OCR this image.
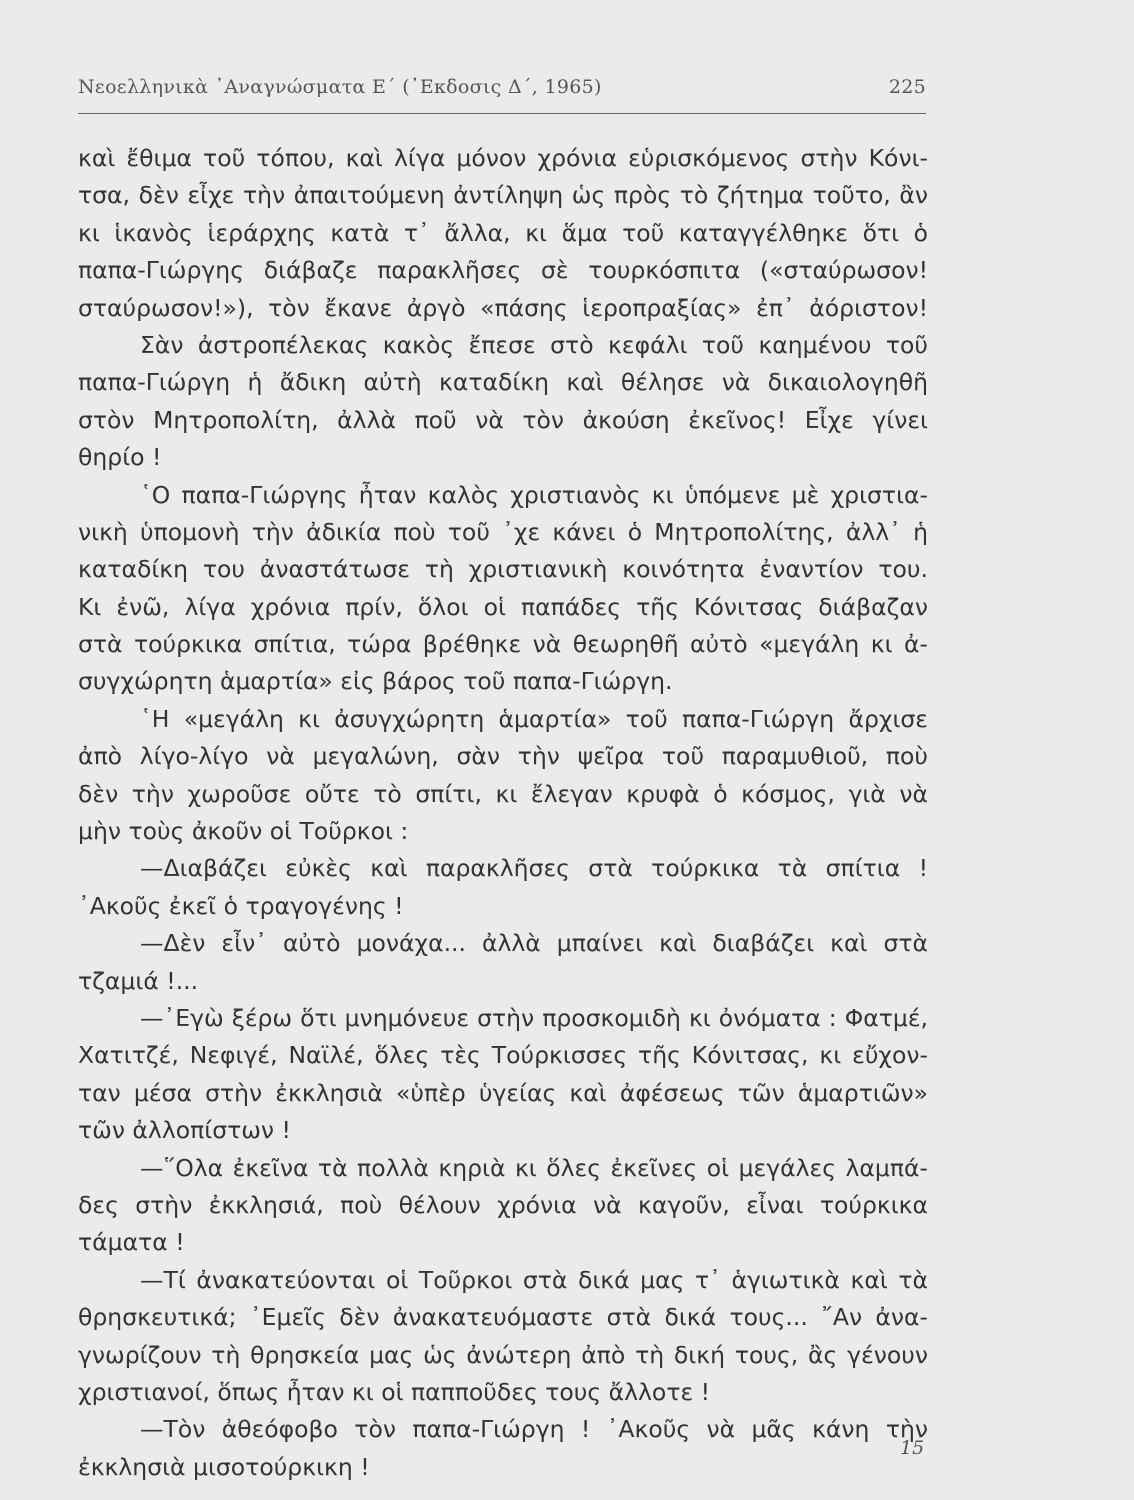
Νεοελληνικὰ ᾿Αναγνώσματα Ε΄ (᾿Εκδοσις Δ΄, 1965)	225
καὶ ἔθιμα τοῦ τόπου, καὶ λίγα μόνον χρόνια εὑρισκόμενος στὴν Κόνι-
τσα, δὲν εἶχε τὴν ἀπαιτούμενη ἀντίληψη ὡς πρὸς τὸ ζήτημα τοῦτο, ἂν
κι ἱκανὸς ἱεράρχης κατὰ τ᾿ ἄλλα, κι ἅμα τοῦ καταγγέλθηκε ὅτι ὁ
παπα-Γιώργης διάβαζε παρακλῆσες σὲ τουρκόσπιτα («σταύρωσον!
σταύρωσον!»), τὸν ἔκανε ἀργὸ «πάσης ἱεροπραξίας» ἐπ᾿ ἀόριστον!
Σὰν ἀστροπέλεκας κακὸς ἔπεσε στὸ κεφάλι τοῦ καημένου τοῦ
παπα-Γιώργη ἡ ἄδικη αὐτὴ καταδίκη καὶ θέλησε νὰ δικαιολογηθῆ
στὸν Μητροπολίτη, ἀλλὰ ποῦ νὰ τὸν ἀκούση ἐκεῖνος! Εἶχε γίνει
θηρίο !
῾Ο παπα-Γιώργης ἦταν καλὸς χριστιανὸς κι ὑπόμενε μὲ χριστια-
νικὴ ὑπομονὴ τὴν ἀδικία ποὺ τοῦ ᾿χε κάνει ὁ Μητροπολίτης, ἀλλ᾿ ἡ
καταδίκη του ἀναστάτωσε τὴ χριστιανικὴ κοινότητα ἐναντίον του.
Κι ἐνῶ, λίγα χρόνια πρίν, ὅλοι οἱ παπάδες τῆς Κόνιτσας διάβαζαν
στὰ τούρκικα σπίτια, τώρα βρέθηκε νὰ θεωρηθῆ αὐτὸ «μεγάλη κι ἀ-
συγχώρητη ἁμαρτία» εἰς βάρος τοῦ παπα-Γιώργη.
῾Η «μεγάλη κι ἀσυγχώρητη ἁμαρτία» τοῦ παπα-Γιώργη ἄρχισε
ἀπὸ λίγο-λίγο νὰ μεγαλώνη, σὰν τὴν ψεῖρα τοῦ παραμυθιοῦ, ποὺ
δὲν τὴν χωροῦσε οὔτε τὸ σπίτι, κι ἔλεγαν κρυφὰ ὁ κόσμος, γιὰ νὰ
μὴν τοὺς ἀκοῦν οἱ Τοῦρκοι :
—Διαβάζει εὐκὲς καὶ παρακλῆσες στὰ τούρκικα τὰ σπίτια !
᾿Ακοῦς ἐκεῖ ὁ τραγογένης !
—Δὲν εἶν᾿ αὐτὸ μονάχα... ἀλλὰ μπαίνει καὶ διαβάζει καὶ στὰ
τζαμιά !...
—᾿Εγὼ ξέρω ὅτι μνημόνευε στὴν προσκομιδὴ κι ὀνόματα : Φατμέ,
Χατιτζέ, Νεφιγέ, Ναϊλέ, ὅλες τὲς Τούρκισσες τῆς Κόνιτσας, κι εὔχον-
ταν μέσα στὴν ἐκκλησιὰ «ὑπὲρ ὑγείας καὶ ἀφέσεως τῶν ἁμαρτιῶν»
τῶν ἀλλοπίστων !
—῞Ολα ἐκεῖνα τὰ πολλὰ κηριὰ κι ὅλες ἐκεῖνες οἱ μεγάλες λαμπά-
δες στὴν ἐκκλησιά, ποὺ θέλουν χρόνια νὰ καγοῦν, εἶναι τούρκικα
τάματα !
—Τί ἀνακατεύονται οἱ Τοῦρκοι στὰ δικά μας τ᾿ ἁγιωτικὰ καὶ τὰ
θρησκευτικά; ᾿Εμεῖς δὲν ἀνακατευόμαστε στὰ δικά τους... ῎Αν ἀνα-
γνωρίζουν τὴ θρησκεία μας ὡς ἀνώτερη ἀπὸ τὴ δική τους, ἂς γένουν
χριστιανοί, ὅπως ἦταν κι οἱ παπποῦδες τους ἄλλοτε !
—Τὸν ἀθεόφοβο τὸν παπα-Γιώργη ! ᾿Ακοῦς νὰ μᾶς κάνη τὴν
ἐκκλησιὰ μισοτούρκικη !
15
